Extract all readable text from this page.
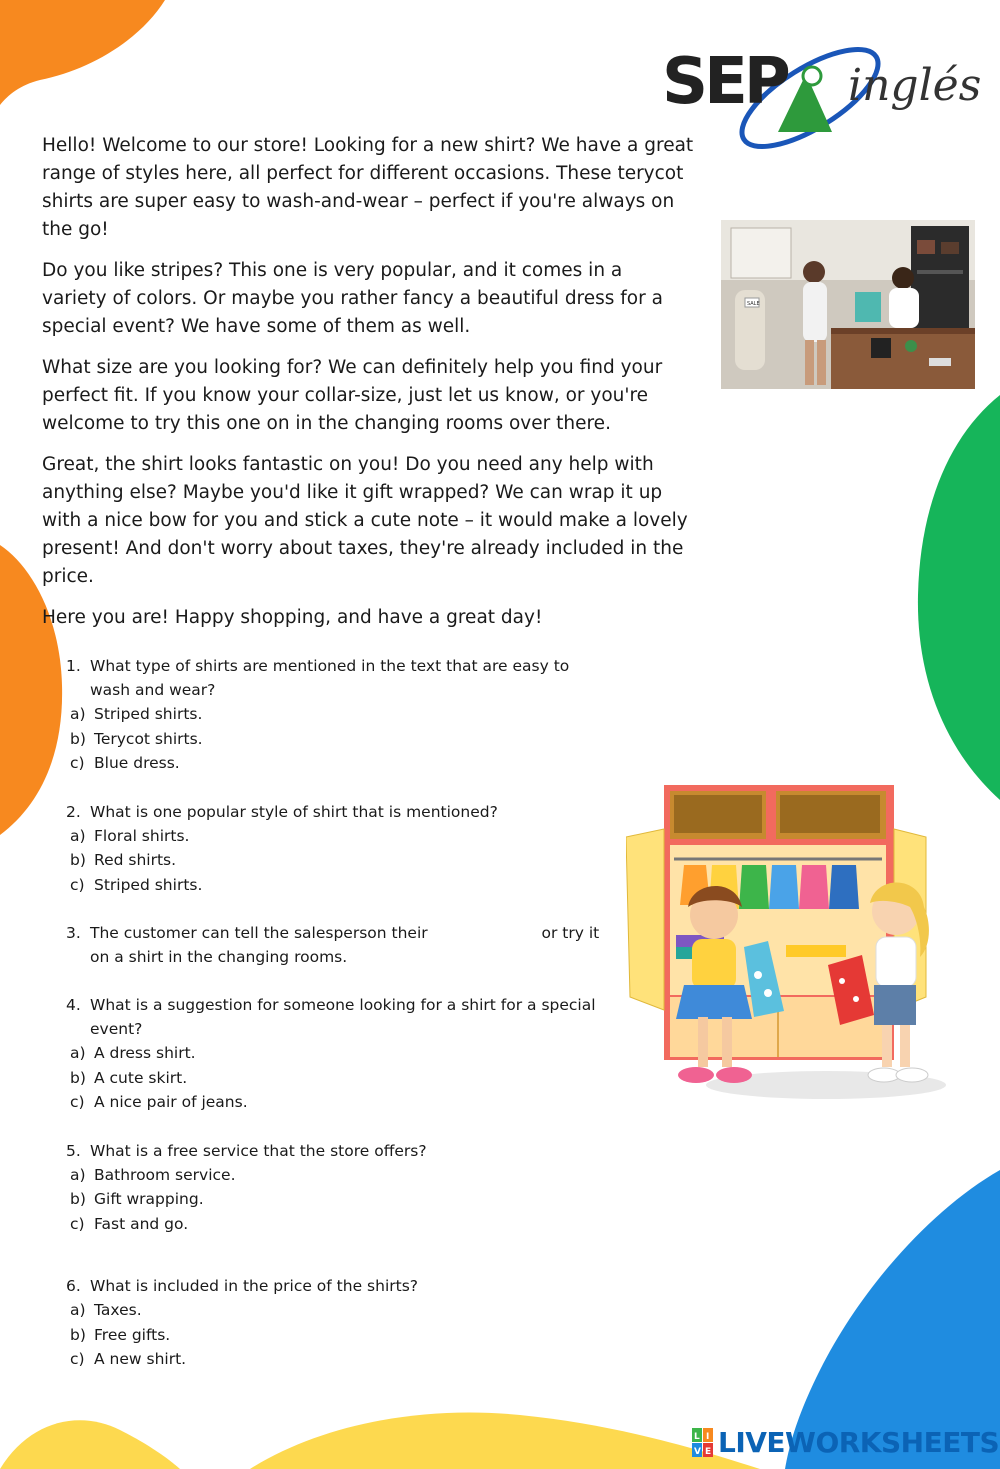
SEP inglés

Hello! Welcome to our store! Looking for a new shirt? We have a great range of styles here, all perfect for different occasions. These terycot shirts are super easy to wash-and-wear – perfect if you're always on the go!

Do you like stripes? This one is very popular, and it comes in a variety of colors. Or maybe you rather fancy a beautiful dress for a special event? We have some of them as well.

What size are you looking for? We can definitely help you find your perfect fit. If you know your collar-size, just let us know, or you're welcome to try this one on in the changing rooms over there.

Great, the shirt looks fantastic on you! Do you need any help with anything else? Maybe you'd like it gift wrapped? We can wrap it up with a nice bow for you and stick a cute note – it would make a lovely present! And don't worry about taxes, they're already included in the price.

Here you are! Happy shopping, and have a great day!

SALE
1. What type of shirts are mentioned in the text that are easy to wash and wear?
a) Striped shirts.
b) Terycot shirts.
c) Blue dress.
2. What is one popular style of shirt that is mentioned?
a) Floral shirts.
b) Red shirts.
c) Striped shirts.
3. The customer can tell the salesperson their	or try it on a shirt in the changing rooms.
4. What is a suggestion for someone looking for a shirt for a special event?
a) A dress shirt.
b) A cute skirt.
c) A nice pair of jeans.
5. What is a free service that the store offers?
a) Bathroom service.
b) Gift wrapping.
c) Fast and go.
6. What is included in the price of the shirts?
a) Taxes.
b) Free gifts.
c) A new shirt.
L I
V E LIVEWORKSHEETS
